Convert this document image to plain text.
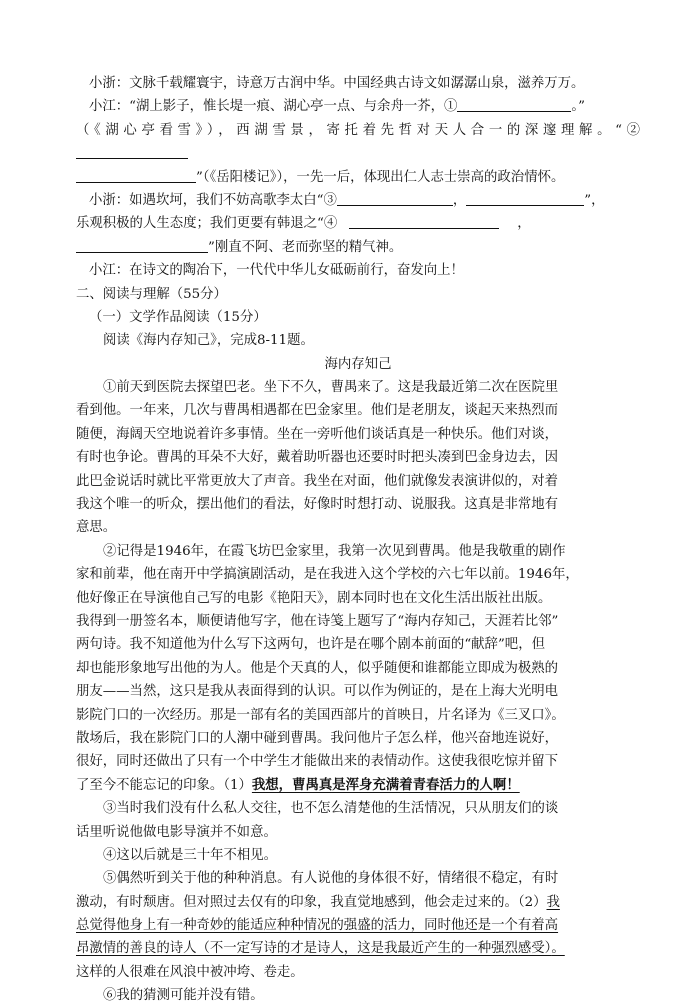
小浙：文脉千载耀寰宇，诗意万古润中华。中国经典古诗文如潺潺山泉，滋养万万。
小江：“湖上影子，惟长堤一痕、湖心亭一点、与余舟一芥，①	。”
（《湖心亭看雪》），西湖雪景，寄托着先哲对天人合一的深邃理解。“②
”（《岳阳楼记》），一先一后，体现出仁人志士崇高的政治情怀。
小浙：如遇坎坷，我们不妨高歌李太白“③	，	”，
乐观积极的人生态度；我们更要有韩退之“④	，
”刚直不阿、老而弥坚的精气神。
小江：在诗文的陶冶下，一代代中华儿女砥砺前行，奋发向上！
二、阅读与理解（55分）
（一）文学作品阅读（15分）
阅读《海内存知己》，完成8-11题。
海内存知己
①前天到医院去探望巴老。坐下不久，曹禺来了。这是我最近第二次在医院里
看到他。一年来，几次与曹禺相遇都在巴金家里。他们是老朋友，谈起天来热烈而
随便，海阔天空地说着许多事情。坐在一旁听他们谈话真是一种快乐。他们对谈，
有时也争论。曹禺的耳朵不大好，戴着助听器也还要时时把头凑到巴金身边去，因
此巴金说话时就比平常更放大了声音。我坐在对面，他们就像发表演讲似的，对着
我这个唯一的听众，摆出他们的看法，好像时时想打动、说服我。这真是非常地有
意思。
②记得是1946年，在霞飞坊巴金家里，我第一次见到曹禺。他是我敬重的剧作
家和前辈，他在南开中学搞演剧活动，是在我进入这个学校的六七年以前。1946年，
他好像正在导演他自己写的电影《艳阳天》，剧本同时也在文化生活出版社出版。
我得到一册签名本，顺便请他写字，他在诗笺上题写了“海内存知己，天涯若比邻”
两句诗。我不知道他为什么写下这两句，也许是在哪个剧本前面的“献辞”吧，但
却也能形象地写出他的为人。他是个天真的人，似乎随便和谁都能立即成为极熟的
朋友——当然，这只是我从表面得到的认识。可以作为例证的，是在上海大光明电
影院门口的一次经历。那是一部有名的美国西部片的首映日，片名译为《三叉口》。
散场后，我在影院门口的人潮中碰到曹禺。我问他片子怎么样，他兴奋地连说好，
很好，同时还做出了只有一个中学生才能做出来的表情动作。这使我很吃惊并留下
了至今不能忘记的印象。（1）我想，曹禺真是浑身充满着青春活力的人啊！
③当时我们没有什么私人交往，也不怎么清楚他的生活情况，只从朋友们的谈
话里听说他做电影导演并不如意。
④这以后就是三十年不相见。
⑤偶然听到关于他的种种消息。有人说他的身体很不好，情绪很不稳定，有时
激动，有时颓唐。但对照过去仅有的印象，我直觉地感到，他会走过来的。（2）我
总觉得他身上有一种奇妙的能适应种种情况的强盛的活力，同时他还是一个有着高
昂激情的善良的诗人（不一定写诗的才是诗人，这是我最近产生的一种强烈感受）。
这样的人很难在风浪中被冲垮、卷走。
⑥我的猜测可能并没有错。
